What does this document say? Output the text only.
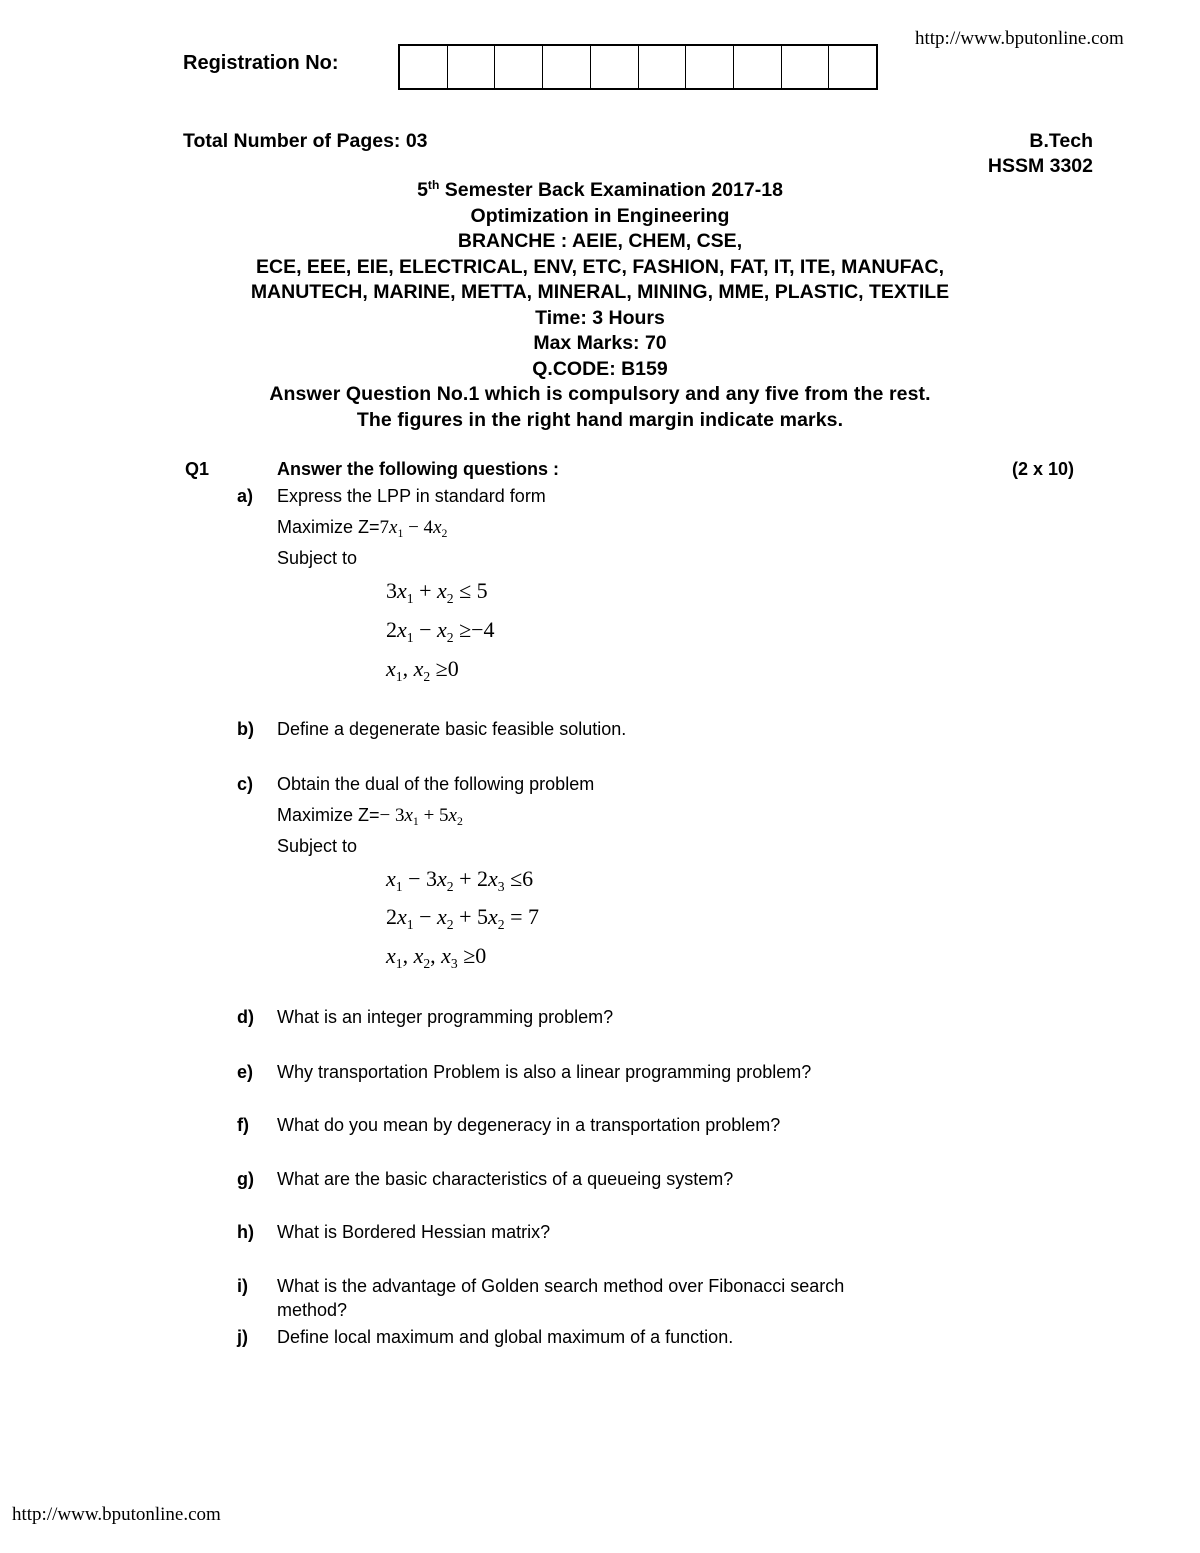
http://www.bputonline.com
Registration No:
Total Number of Pages: 03	B.Tech
HSSM 3302
5th Semester Back Examination 2017-18
Optimization in Engineering
BRANCHE : AEIE, CHEM, CSE,
ECE, EEE, EIE, ELECTRICAL, ENV, ETC, FASHION, FAT, IT, ITE, MANUFAC,
MANUTECH, MARINE, METTA, MINERAL, MINING, MME, PLASTIC, TEXTILE
Time: 3 Hours
Max Marks: 70
Q.CODE: B159
Answer Question No.1 which is compulsory and any five from the rest.
The figures in the right hand margin indicate marks.
Q1	Answer the following questions :	(2 x 10)
a) Express the LPP in standard form
Maximize $Z=7x_1 - 4x_2$
Subject to
$3x_1 + x_2 \le 5$
$2x_1 - x_2 \ge-4$
$x_1$, $x_2 \ge 0$
b) Define a degenerate basic feasible solution.
c) Obtain the dual of the following problem
Maximize $Z=- 3x_1 + 5x_2$
Subject to
$x_1 - 3x_2 + 2x_3 \le 6$
$2x_1 - x_2 + 5x_2 = 7$
$x_1$, $x_2$, $x_3 \ge 0$
d) What is an integer programming problem?
e) Why transportation Problem is also a linear programming problem?
f) What do you mean by degeneracy in a transportation problem?
g) What are the basic characteristics of a queueing system?
h) What is Bordered Hessian matrix?
i) What is the advantage of Golden search method over Fibonacci search
method?
j) Define local maximum and global maximum of a function.
http://www.bputonline.com
